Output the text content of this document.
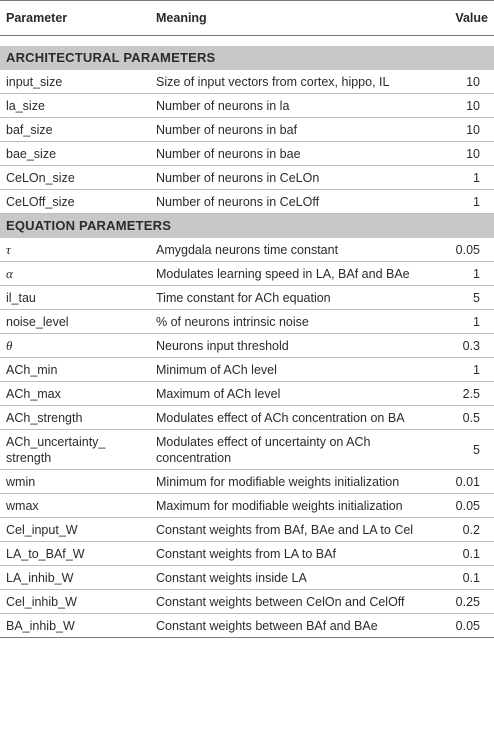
Parameter	Meaning	Value

ARCHITECTURAL PARAMETERS		
input_size	Size of input vectors from cortex, hippo, IL	10
la_size	Number of neurons in la	10
baf_size	Number of neurons in baf	10
bae_size	Number of neurons in bae	10
CeLOn_size	Number of neurons in CeLOn	1
CeLOff_size	Number of neurons in CeLOff	1
EQUATION PARAMETERS		
τ	Amygdala neurons time constant	0.05
α	Modulates learning speed in LA, BAf and BAe	1
il_tau	Time constant for ACh equation	5
noise_level	% of neurons intrinsic noise	1
θ	Neurons input threshold	0.3
ACh_min	Minimum of ACh level	1
ACh_max	Maximum of ACh level	2.5
ACh_strength	Modulates effect of ACh concentration on BA	0.5
ACh_uncertainty_ strength	Modulates effect of uncertainty on ACh concentration	5
wmin	Minimum for modifiable weights initialization	0.01
wmax	Maximum for modifiable weights initialization	0.05
Cel_input_W	Constant weights from BAf, BAe and LA to Cel	0.2
LA_to_BAf_W	Constant weights from LA to BAf	0.1
LA_inhib_W	Constant weights inside LA	0.1
Cel_inhib_W	Constant weights between CelOn and CelOff	0.25
BA_inhib_W	Constant weights between BAf and BAe	0.05
